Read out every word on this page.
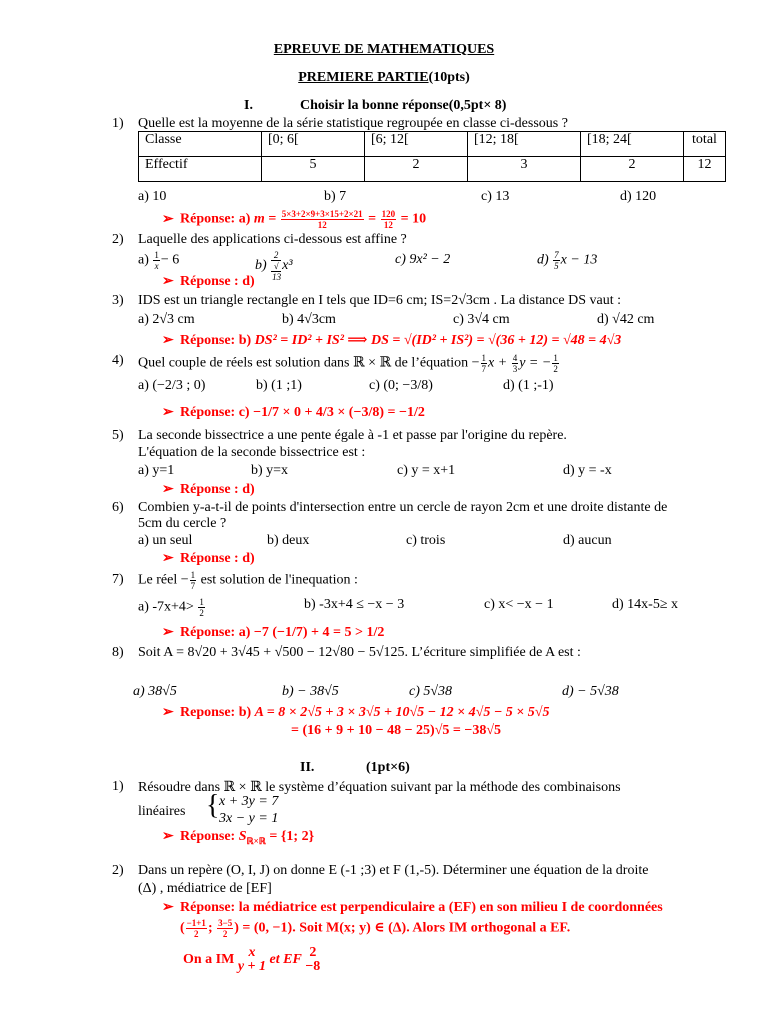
EPREUVE DE MATHEMATIQUES
PREMIERE PARTIE(10pts)
I.	Choisir la bonne réponse(0,5pt× 8)
1) Quelle est la moyenne de la série statistique regroupée en classe ci-dessous ?
Classe	[0; 6[	[6; 12[	[12; 18[	[18; 24[	total
Effectif	5	2	3	2	12
a) 10	b) 7	c) 13	d) 120
➢ Réponse: a) $m = \frac{5\times 3+2\times 9+3\times 15+2\times 21}{12} = \frac{120}{12} = 10$
2) Laquelle des applications ci-dessous est affine ?
$a) \frac{1}{x} - 6$	b) 2
√
13 x³	c) 9x² − 2	$d) \frac{7}{5}$ x − 13
➢ Réponse : d)
3) IDS est un triangle rectangle en I tels que ID=6 cm; IS=2√3cm . La distance DS vaut :
a) 2√3 cm	b) 4√3cm	c) 3√4 cm	d) √42 cm
➢ Réponse: b) DS² = ID² + IS² ⟹ DS = √(ID² + IS²) = √(36 + 12) = √48 = 4√3
4) Quel couple de réels est solution dans ℝ × ℝ de l’équation − $\frac{1}{7}$ $x + \frac{4}{3}$ y = − $\frac{1}{2}$
a) (−2/3 ; 0)	b) (1 ;1)	c) (0; −3/8)	d) (1 ;-1)
➢ Réponse: c) −1/7 × 0 + 4/3 × (−3/8) = −1/2
5) La seconde bissectrice a une pente égale à -1 et passe par l'origine du repère.
L'équation de la seconde bissectrice est :
a) y=1	b) y=x	c) y = x+1	d) y = -x
➢ Réponse : d)
6) Combien y-a-t-il de points d'intersection entre un cercle de rayon 2cm et une droite distante de
5cm du cercle ?
a) un seul	b) deux	c) trois	d) aucun
➢ Réponse : d)
7) Le réel − $\frac{1}{7}$ est solution de l'inequation :
a) $-7x+4> \frac{1}{2}$	b) -3x+4 ≤ −x − 3	c) x< −x − 1	d) 14x-5≥ x
➢ Réponse: a) −7 (−1/7) + 4 = 5 > 1/2
8) Soit A = 8√20 + 3√45 + √500 − 12√80 − 5√125. L’écriture simplifiée de A est :
a) 38√5	b) − 38√5	c) 5√38	d) − 5√38
➢ Reponse: b) A = 8 × 2√5 + 3 × 3√5 + 10√5 − 12 × 4√5 − 5 × 5√5
= (16 + 9 + 10 − 48 − 25)√5 = −38√5
II.	(1pt×6)
1) Résoudre dans ℝ × ℝ le système d’équation suivant par la méthode des combinaisons
linéaires { x + 3y = 7
3x − y = 1
➢ Réponse: $S_{ℝ\times ℝ} = \{1$; 2}
2) Dans un repère (O, I, J) on donne E (-1 ;3) et F (1,-5). Déterminer une équation de la droite
(Δ) , médiatrice de [EF]
➢ Réponse: la médiatrice est perpendiculaire a (EF) en son milieu I de coordonnées
( $\frac{-1+1}{2}$ ; $\frac{3-5}{2}$ ) = (0, −1). Soit M(x; y) ∈ (Δ). Alors IM orthogonal a EF.
On a IM	x
y + 1 et EF 2
−8
